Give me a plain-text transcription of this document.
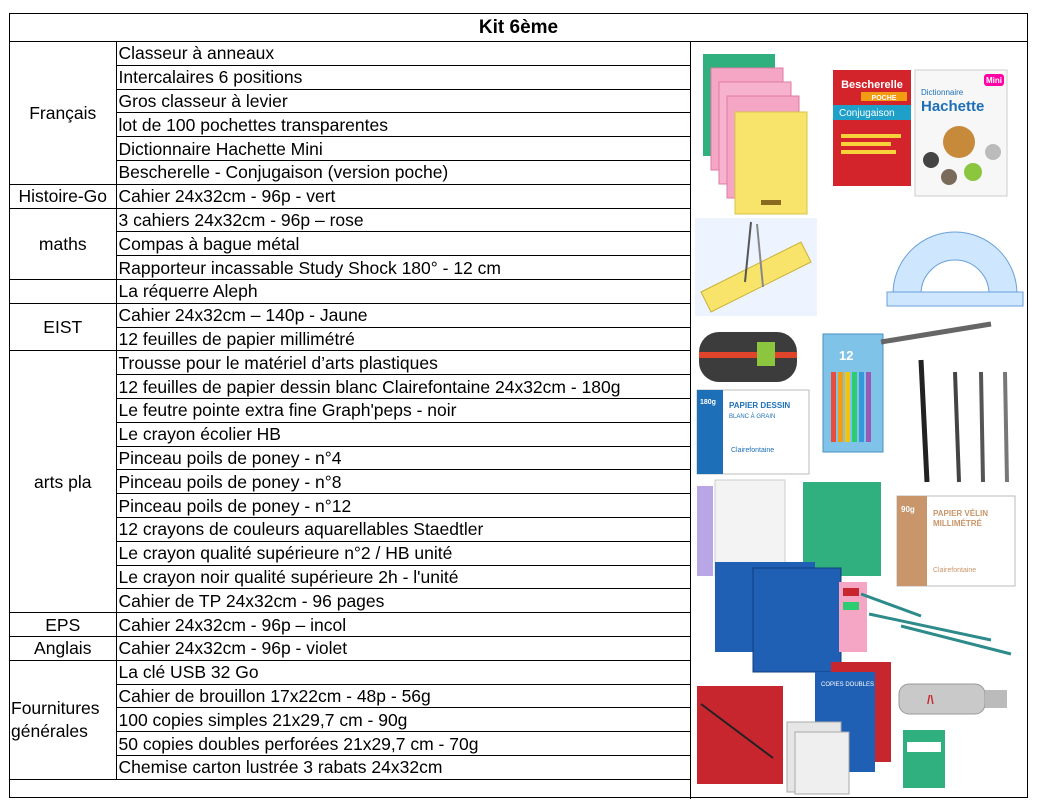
Kit 6ème
Français	Classeur à anneaux
	Intercalaires 6 positions
	Gros classeur à levier
	lot de 100 pochettes transparentes
	Dictionnaire Hachette Mini
	Bescherelle - Conjugaison (version poche)
Histoire-Go	Cahier 24x32cm - 96p - vert
maths	3 cahiers 24x32cm - 96p – rose
	Compas à bague métal
	Rapporteur incassable Study Shock 180° - 12 cm
	La réquerre Aleph
EIST	Cahier 24x32cm – 140p - Jaune
	12 feuilles de papier millimétré
arts pla	Trousse pour le matériel d’arts plastiques
	12 feuilles de papier dessin blanc Clairefontaine 24x32cm - 180g
	Le feutre pointe extra fine Graph'peps - noir
	Le crayon écolier HB
	Pinceau poils de poney - n°4
	Pinceau poils de poney - n°8
	Pinceau poils de poney - n°12
	12 crayons de couleurs aquarellables Staedtler
	Le crayon qualité supérieure n°2 / HB unité
	Le crayon noir qualité supérieure 2h - l'unité
	Cahier de TP 24x32cm - 96 pages
EPS	Cahier 24x32cm - 96p – incol
Anglais	Cahier 24x32cm - 96p - violet

Fournitures
générales	La clé USB 32 Go
	Cahier de brouillon 17x22cm - 48p - 56g
	100 copies simples 21x29,7 cm - 90g
	50 copies doubles perforées 21x29,7 cm - 70g
	Chemise carton lustrée 3 rabats 24x32cm
Bescherelle
POCHE
Conjugaison
Dictionnaire
Hachette
Mini
12
180g PAPIER DESSIN
BLANC À GRAIN
Clairefontaine
90g PAPIER VÉLIN
MILLIMÉTRÉ
Clairefontaine
COPIES DOUBLES
/\
